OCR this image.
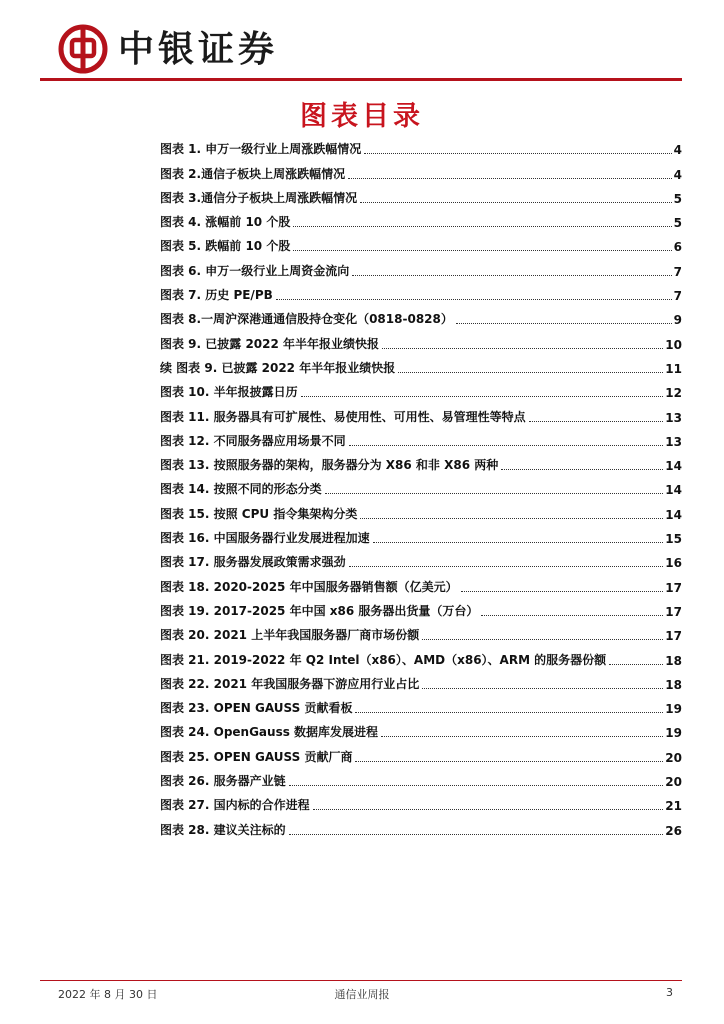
中银证券
图表目录
图表 1. 申万一级行业上周涨跌幅情况	4
图表 2.通信子板块上周涨跌幅情况	4
图表 3.通信分子板块上周涨跌幅情况	5
图表 4. 涨幅前 10 个股	5
图表 5. 跌幅前 10 个股	6
图表 6. 申万一级行业上周资金流向	7
图表 7. 历史 PE/PB	7
图表 8.一周沪深港通通信股持仓变化（0818-0828）	9
图表 9. 已披露 2022 年半年报业绩快报	10
续 图表 9. 已披露 2022 年半年报业绩快报	11
图表 10. 半年报披露日历	12
图表 11. 服务器具有可扩展性、易使用性、可用性、易管理性等特点	13
图表 12. 不同服务器应用场景不同	13
图表 13. 按照服务器的架构，服务器分为 X86 和非 X86 两种	14
图表 14. 按照不同的形态分类	14
图表 15. 按照 CPU 指令集架构分类	14
图表 16. 中国服务器行业发展进程加速	15
图表 17. 服务器发展政策需求强劲	16
图表 18. 2020-2025 年中国服务器销售额（亿美元）	17
图表 19. 2017-2025 年中国 x86 服务器出货量（万台）	17
图表 20. 2021 上半年我国服务器厂商市场份额	17
图表 21. 2019-2022 年 Q2 Intel（x86）、AMD（x86）、ARM 的服务器份额	18
图表 22. 2021 年我国服务器下游应用行业占比	18
图表 23. OPEN GAUSS 贡献看板	19
图表 24. OpenGauss 数据库发展进程	19
图表 25. OPEN GAUSS 贡献厂商	20
图表 26. 服务器产业链	20
图表 27. 国内标的合作进程	21
图表 28. 建议关注标的	26
2022 年 8 月 30 日	通信业周报	3
